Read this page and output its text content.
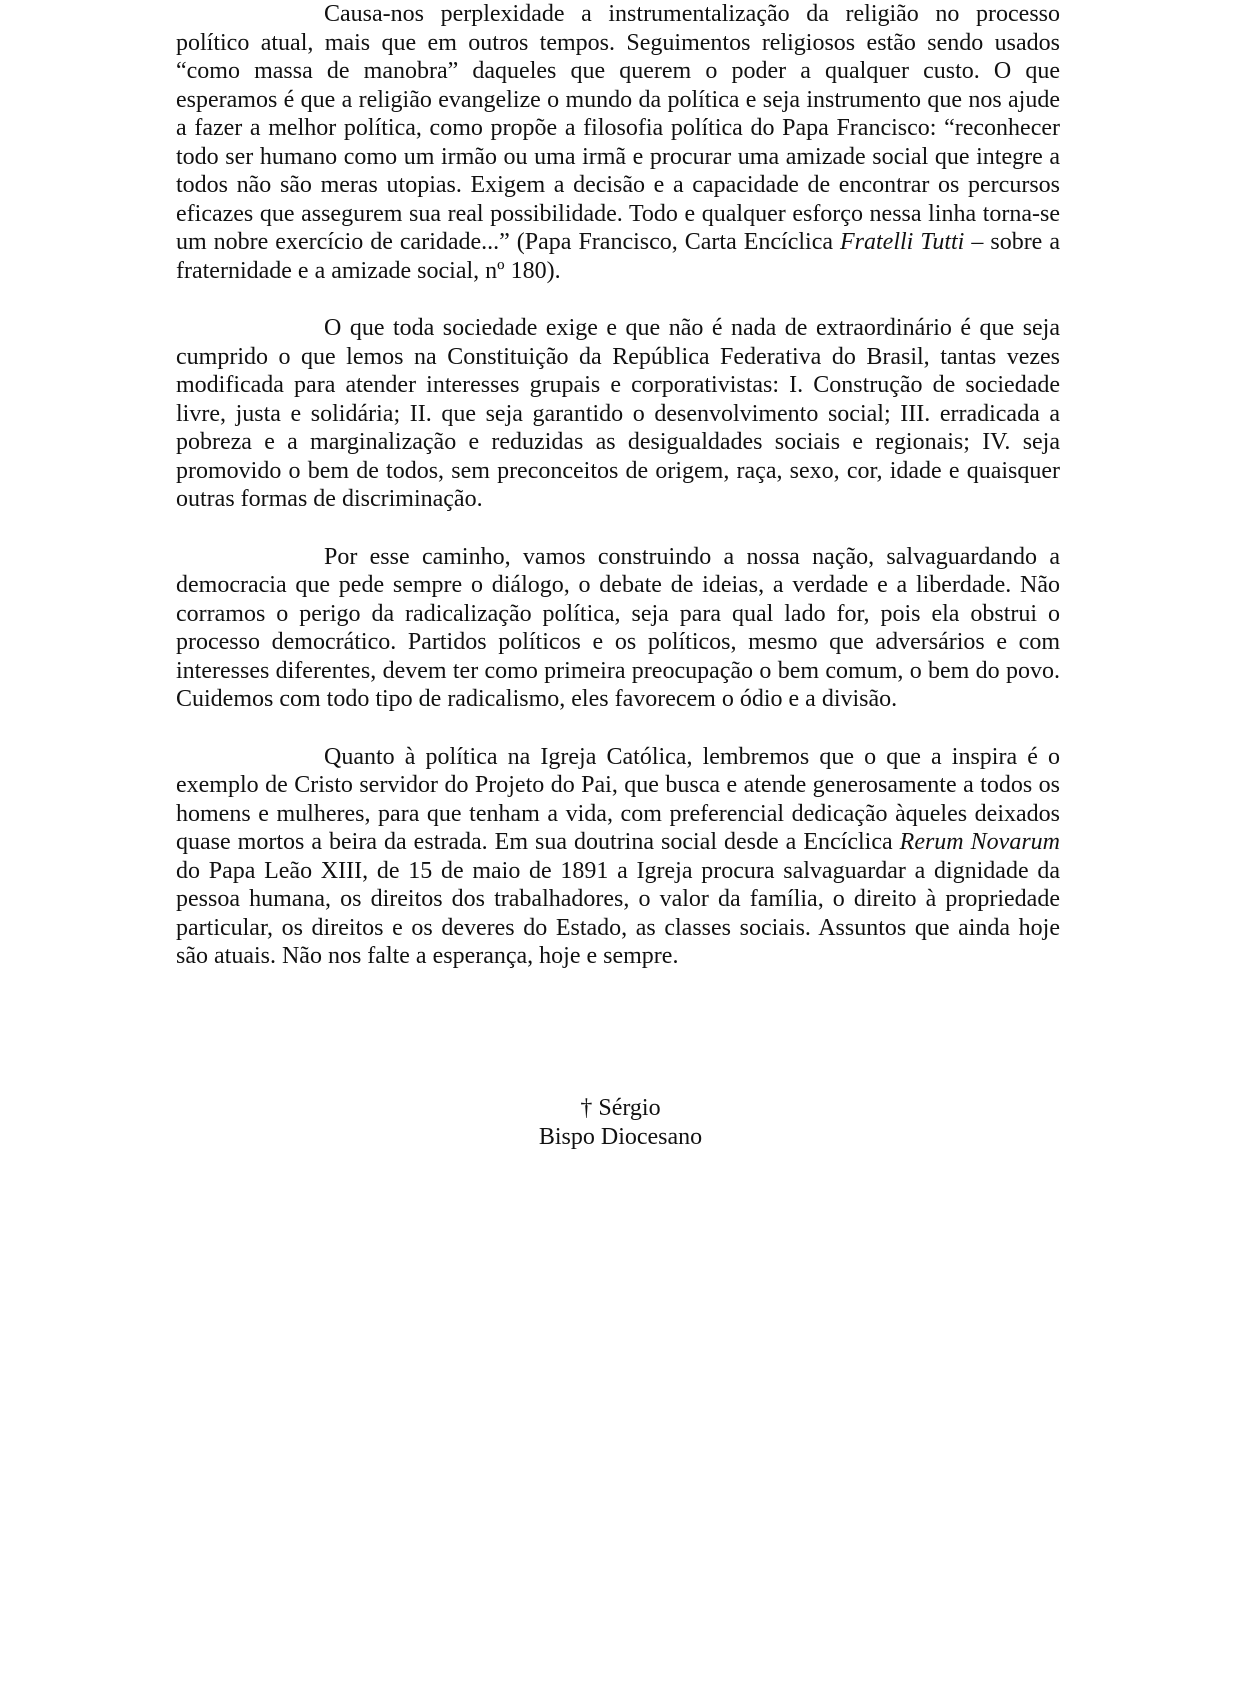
Causa-nos perplexidade a instrumentalização da religião no processo político atual, mais que em outros tempos. Seguimentos religiosos estão sendo usados “como massa de manobra” daqueles que querem o poder a qualquer custo. O que esperamos é que a religião evangelize o mundo da política e seja instrumento que nos ajude a fazer a melhor política, como propõe a filosofia política do Papa Francisco: “reconhecer todo ser humano como um irmão ou uma irmã e procurar uma amizade social que integre a todos não são meras utopias. Exigem a decisão e a capacidade de encontrar os percursos eficazes que assegurem sua real possibilidade. Todo e qualquer esforço nessa linha torna-se um nobre exercício de caridade...” (Papa Francisco, Carta Encíclica Fratelli Tutti – sobre a fraternidade e a amizade social, nº 180).

O que toda sociedade exige e que não é nada de extraordinário é que seja cumprido o que lemos na Constituição da República Federativa do Brasil, tantas vezes modificada para atender interesses grupais e corporativistas: I. Construção de sociedade livre, justa e solidária; II. que seja garantido o desenvolvimento social; III. erradicada a pobreza e a marginalização e reduzidas as desigualdades sociais e regionais; IV. seja promovido o bem de todos, sem preconceitos de origem, raça, sexo, cor, idade e quaisquer outras formas de discriminação.

Por esse caminho, vamos construindo a nossa nação, salvaguardando a democracia que pede sempre o diálogo, o debate de ideias, a verdade e a liberdade. Não corramos o perigo da radicalização política, seja para qual lado for, pois ela obstrui o processo democrático. Partidos políticos e os políticos, mesmo que adversários e com interesses diferentes, devem ter como primeira preocupação o bem comum, o bem do povo. Cuidemos com todo tipo de radicalismo, eles favorecem o ódio e a divisão.

Quanto à política na Igreja Católica, lembremos que o que a inspira é o exemplo de Cristo servidor do Projeto do Pai, que busca e atende generosamente a todos os homens e mulheres, para que tenham a vida, com preferencial dedicação àqueles deixados quase mortos a beira da estrada. Em sua doutrina social desde a Encíclica Rerum Novarum do Papa Leão XIII, de 15 de maio de 1891 a Igreja procura salvaguardar a dignidade da pessoa humana, os direitos dos trabalhadores, o valor da família, o direito à propriedade particular, os direitos e os deveres do Estado, as classes sociais. Assuntos que ainda hoje são atuais. Não nos falte a esperança, hoje e sempre.

† Sérgio
Bispo Diocesano
